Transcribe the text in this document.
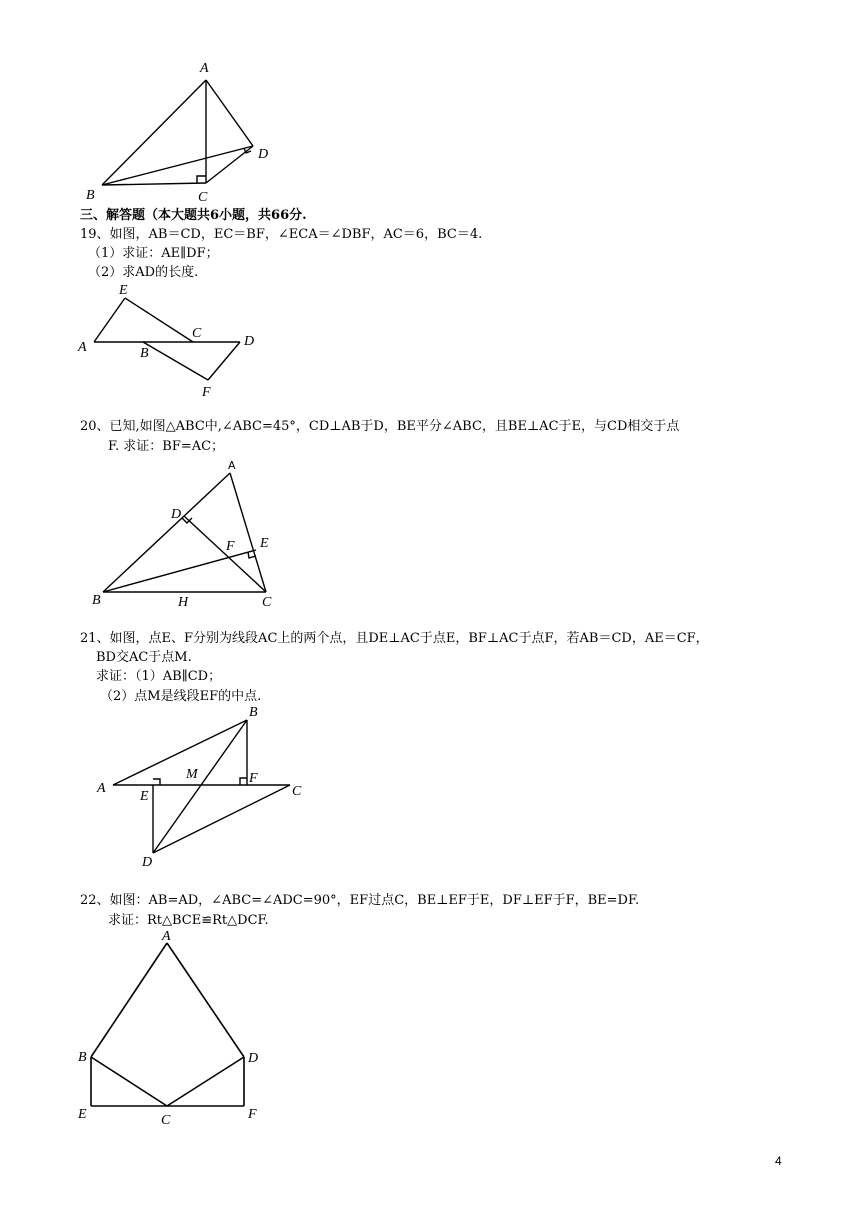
A
B	C
D
三、解答题（本大题共6小题，共66分.
19、如图，AB＝CD，EC＝BF，∠ECA＝∠DBF，AC＝6，BC＝4.
（1）求证：AE∥DF；
（2）求AD的长度.
A	B
C
D
E
F
20、已知,如图△ABC中,∠ABC=45°，CD⊥AB于D，BE平分∠ABC，且BE⊥AC于E，与CD相交于点
F. 求证：BF=AC；
A
B	C
D
E
F
H
21、如图，点E、F分别为线段AC上的两个点，且DE⊥AC于点E，BF⊥AC于点F，若AB＝CD，AE＝CF，
BD交AC于点M.
求证：（1）AB∥CD；
（2）点M是线段EF的中点.
A
B
C
D
E
F
M
22、如图：AB=AD，∠ABC=∠ADC=90°，EF过点C，BE⊥EF于E，DF⊥EF于F，BE=DF.
求证：Rt△BCE≌Rt△DCF.
A
B
C
D
E	F
4
